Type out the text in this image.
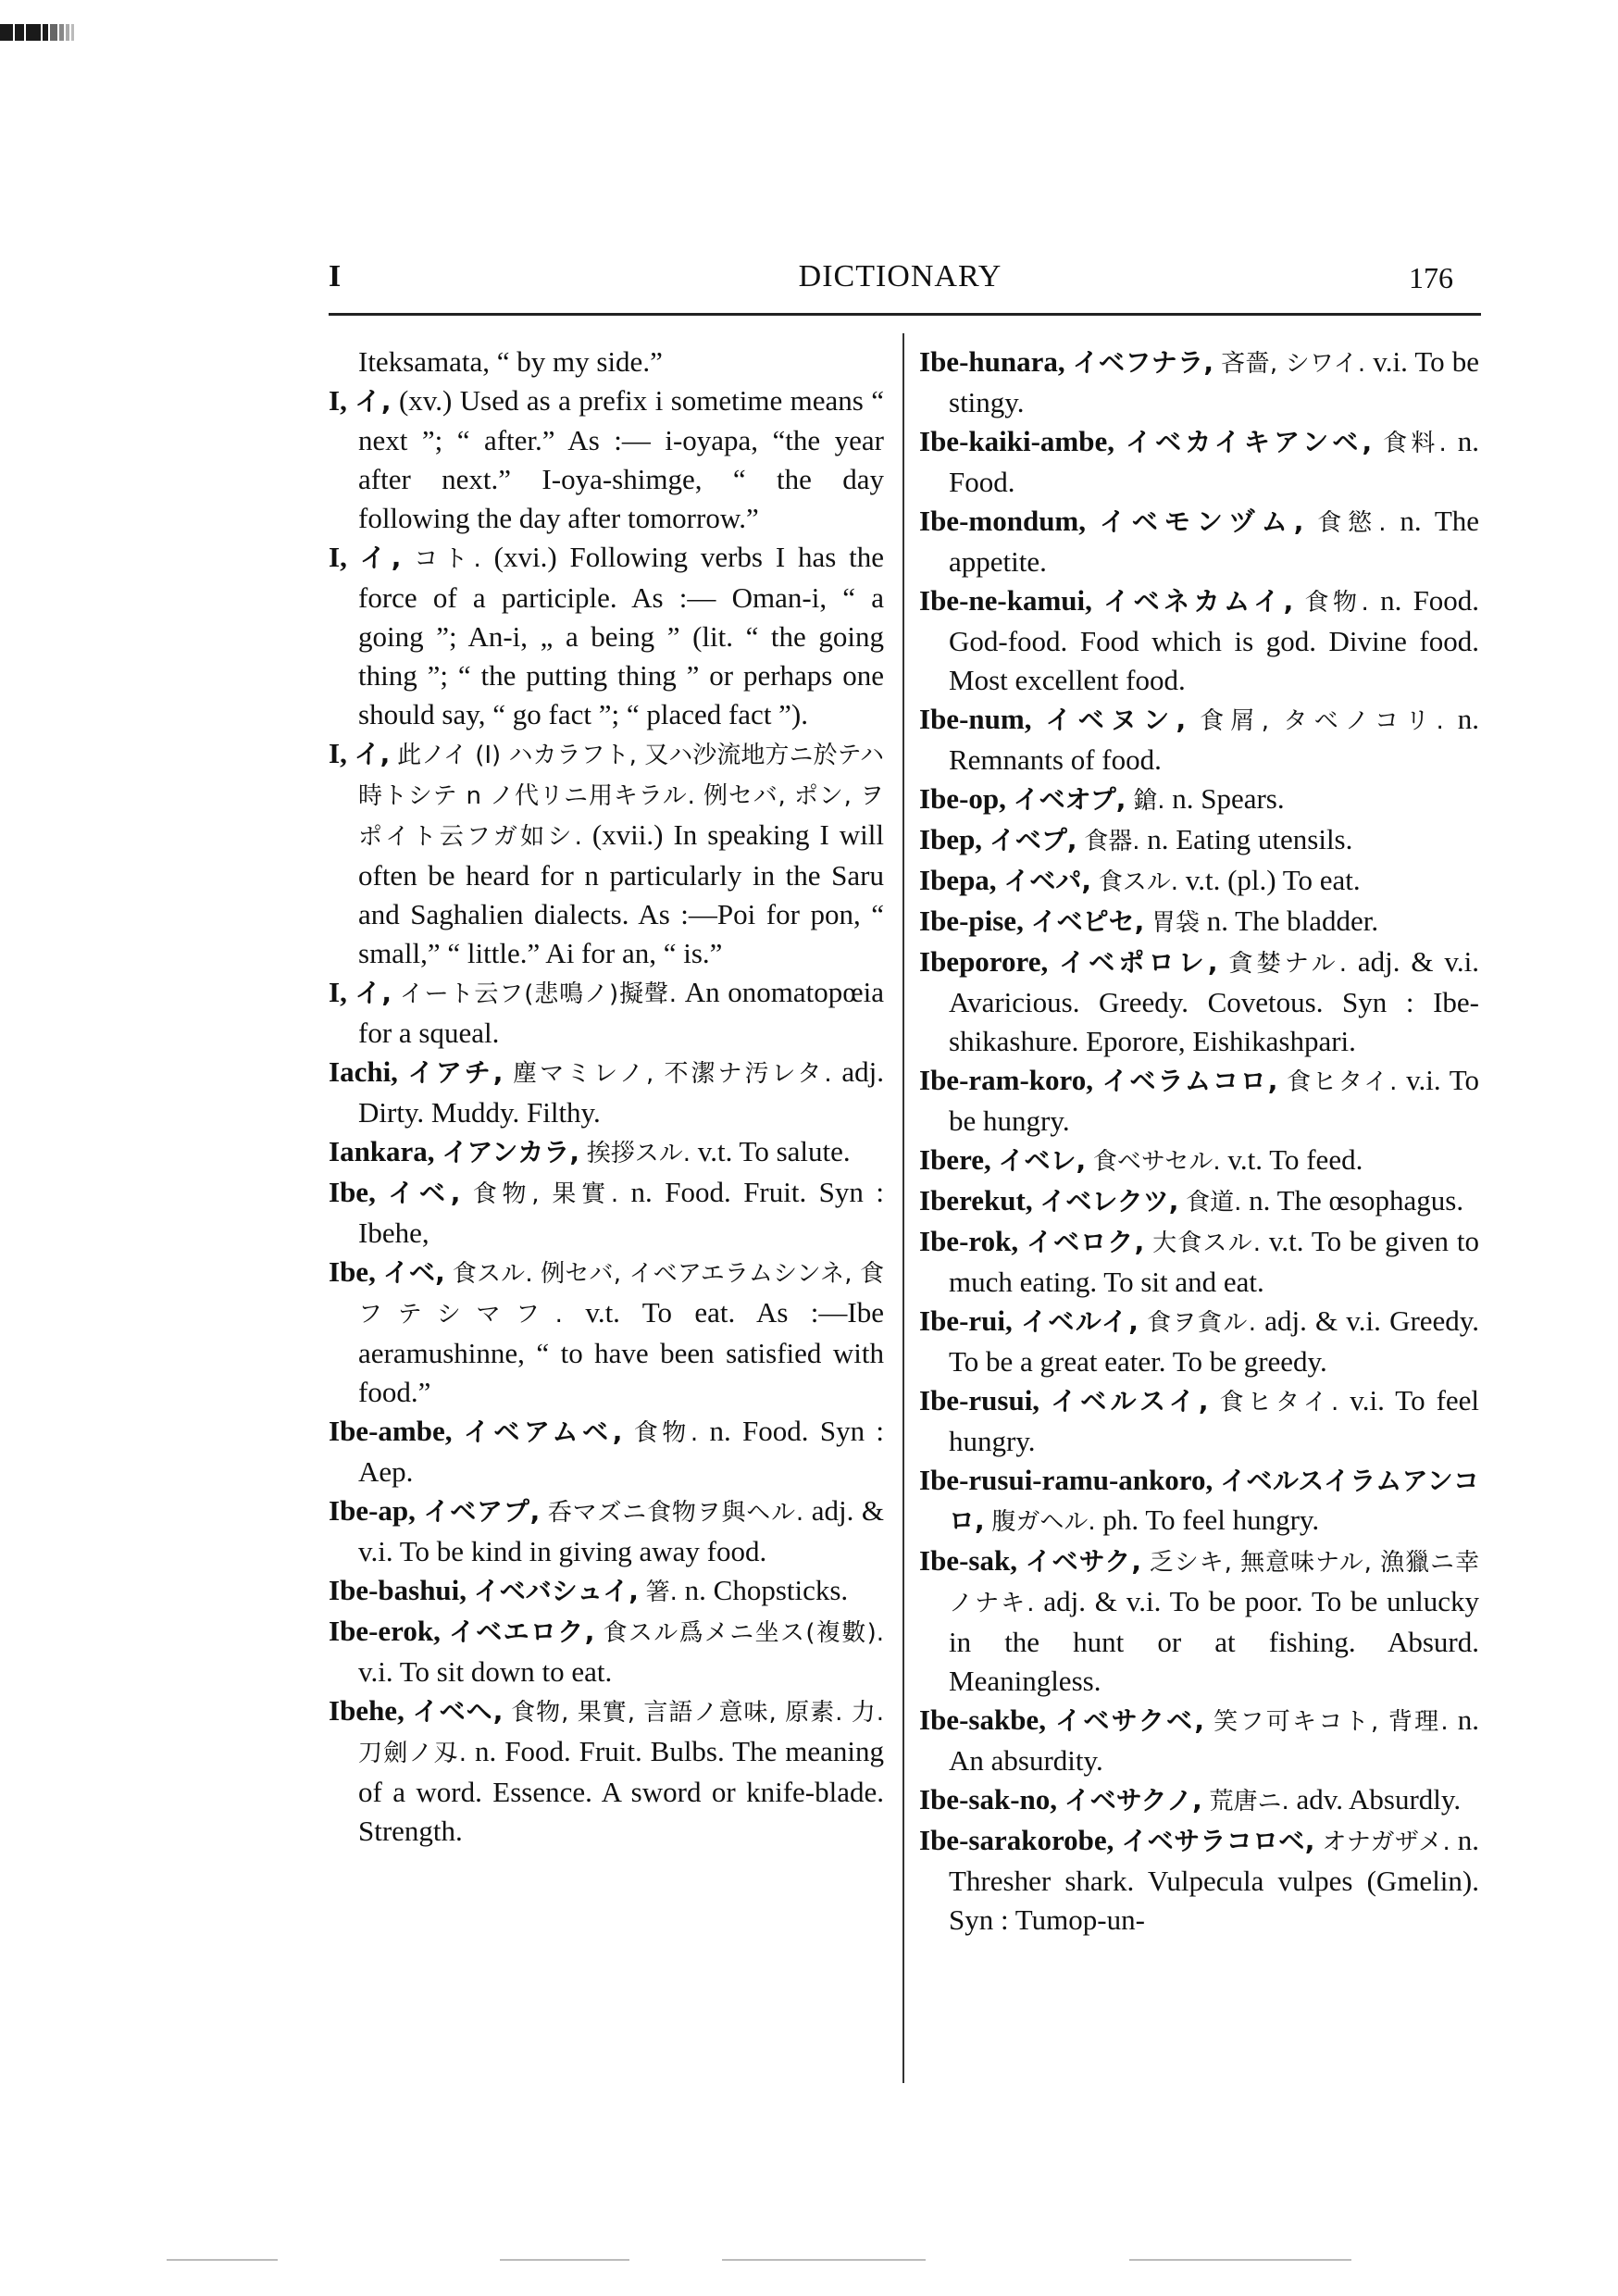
I	DICTIONARY	176

Iteksamata, “ by my side.”

I, イ, (xv.) Used as a prefix i sometime means “ next ”; “ after.” As :— i-oyapa, “the year after next.” I-oya-shimge, “ the day following the day after tomorrow.”

I, イ, コト. (xvi.) Following verbs I has the force of a participle. As :— Oman-i, “ a going ”; An-i, „ a being ” (lit. “ the going thing ”; “ the putting thing ” or perhaps one should say, “ go fact ”; “ placed fact ”).

I, イ, 此ノイ (I) ハカラフト, 又ハ沙流地方ニ於テハ時トシテ n ノ代リニ用キラル. 例セバ, ポン, ヲポイト云フガ如シ. (xvii.) In speaking I will often be heard for n particularly in the Saru and Saghalien dialects. As :—Poi for pon, “ small,” “ little.” Ai for an, “ is.”

I, イ, イート云フ(悲鳴ノ)擬聲. An onomatopœia for a squeal.

Iachi, イアチ, 塵マミレノ, 不潔ナ汚レタ. adj. Dirty. Muddy. Filthy.

Iankara, イアンカラ, 挨拶スル. v.t. To salute.

Ibe, イベ, 食物, 果實. n. Food. Fruit. Syn : Ibehe,

Ibe, イベ, 食スル. 例セバ, イベアエラムシンネ, 食フテシマフ. v.t. To eat. As :—Ibe aeramushinne, “ to have been satisfied with food.”

Ibe-ambe, イベアムベ, 食物. n. Food. Syn : Aep.

Ibe-ap, イベアプ, 呑マズニ食物ヲ與ヘル. adj. & v.i. To be kind in giving away food.

Ibe-bashui, イベバシュイ, 箸. n. Chopsticks.

Ibe-erok, イベエロク, 食スル爲メニ坐ス(複數). v.i. To sit down to eat.

Ibehe, イベヘ, 食物, 果實, 言語ノ意味, 原素. 力. 刀劍ノ刄. n. Food. Fruit. Bulbs. The meaning of a word. Essence. A sword or knife-blade. Strength.

Ibe-hunara, イベフナラ, 吝嗇, シワイ. v.i. To be stingy.

Ibe-kaiki-ambe, イベカイキアンベ, 食料. n. Food.

Ibe-mondum, イベモンヅム, 食慾. n. The appetite.

Ibe-ne-kamui, イベネカムイ, 食物. n. Food. God-food. Food which is god. Divine food. Most excellent food.

Ibe-num, イベヌン, 食屑, タベノコリ. n. Remnants of food.

Ibe-op, イベオプ, 鎗. n. Spears.

Ibep, イベプ, 食器. n. Eating utensils.

Ibepa, イベパ, 食スル. v.t. (pl.) To eat.

Ibe-pise, イベピセ, 胃袋 n. The bladder.

Ibeporore, イベポロレ, 貪婪ナル. adj. & v.i. Avaricious. Greedy. Covetous. Syn : Ibe-shikashure. Eporore, Eishikashpari.

Ibe-ram-koro, イベラムコロ, 食ヒタイ. v.i. To be hungry.

Ibere, イベレ, 食ベサセル. v.t. To feed.

Iberekut, イベレクツ, 食道. n. The œsophagus.

Ibe-rok, イベロク, 大食スル. v.t. To be given to much eating. To sit and eat.

Ibe-rui, イベルイ, 食ヲ貪ル. adj. & v.i. Greedy. To be a great eater. To be greedy.

Ibe-rusui, イベルスイ, 食ヒタイ. v.i. To feel hungry.

Ibe-rusui-ramu-ankoro, イベルスイラムアンコロ, 腹ガヘル. ph. To feel hungry.

Ibe-sak, イベサク, 乏シキ, 無意味ナル, 漁獵ニ幸ノナキ. adj. & v.i. To be poor. To be unlucky in the hunt or at fishing. Absurd. Meaningless.

Ibe-sakbe, イベサクベ, 笑フ可キコト, 背理. n. An absurdity.

Ibe-sak-no, イベサクノ, 荒唐ニ. adv. Absurdly.

Ibe-sarakorobe, イベサラコロベ, オナガザメ. n. Thresher shark. Vulpecula vulpes (Gmelin). Syn : Tumop-un-
